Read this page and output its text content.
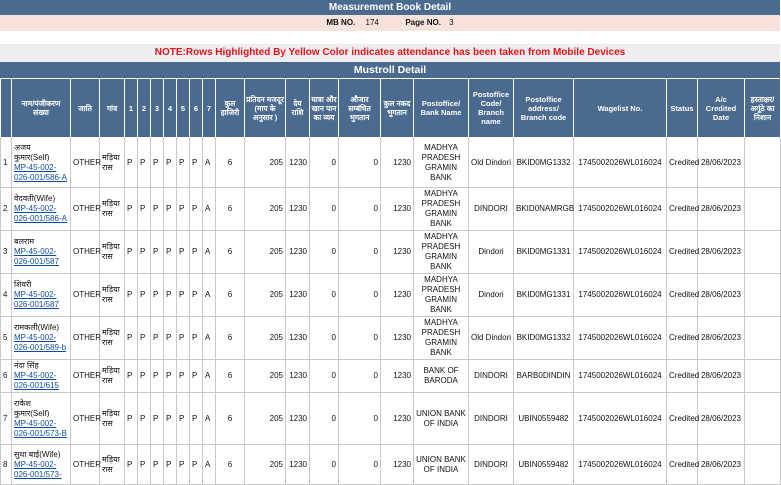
Measurement Book Detail
MB NO. 174	Page NO. 3
NOTE:Rows Highlighted By Yellow Color indicates attendance has been taken from Mobile Devices
Mustroll Detail
	नाम/पंजीकरण संख्या	जाति	गांव	1	2	3	4	5	6	7	कुल हाजिरी	प्रतिदन मजदूर (माप के अनुसार )	देय राशि	यात्रा और खान पान का व्यय	औजार सम्बंधित भुगतान	कुल नकद भुगतान	Postoffice/ Bank Name	Postoffice Code/ Branch name	Postoffice address/ Branch code	Wagelist No.	Status	A/c Credited Date	हस्ताक्षर/अगूंठे का निशान
1	अजय कुमार(Self)
MP-45-002-026-001/586-A	OTHER	मड़िया रास	P	P	P	P	P	P	A	6	205	1230	0	0	1230	MADHYA PRADESH GRAMIN BANK	Old Dindori	BKID0MG1332	1745002026WL016024	Credited	28/06/2023	
2	वेदवती(Wife)
MP-45-002-026-001/586-A	OTHER	मड़िया रास	P	P	P	P	P	P	A	6	205	1230	0	0	1230	MADHYA PRADESH GRAMIN BANK	DINDORI	BKID0NAMRGB	1745002026WL016024	Credited	28/06/2023	
3	बलराम
MP-45-002-026-001/587	OTHER	मड़िया रास	P	P	P	P	P	P	A	6	205	1230	0	0	1230	MADHYA PRADESH GRAMIN BANK	Dindori	BKID0MG1331	1745002026WL016024	Credited	28/06/2023	
4	शिवरी
MP-45-002-026-001/587	OTHER	मड़िया रास	P	P	P	P	P	P	A	6	205	1230	0	0	1230	MADHYA PRADESH GRAMIN BANK	Dindori	BKID0MG1331	1745002026WL016024	Credited	28/06/2023	
5	रामकली(Wife)
MP-45-002-026-001/589-b	OTHER	मड़िया रास	P	P	P	P	P	P	A	6	205	1230	0	0	1230	MADHYA PRADESH GRAMIN BANK	Old Dindori	BKID0MG1332	1745002026WL016024	Credited	28/06/2023	
6	नंदा सिंह
MP-45-002-026-001/615	OTHER	मड़िया रास	P	P	P	P	P	P	A	6	205	1230	0	0	1230	BANK OF BARODA	DINDORI	BARB0DINDIN	1745002026WL016024	Credited	28/06/2023	
7	राकेश कुमार(Self)
MP-45-002-026-001/573-B	OTHER	मड़िया रास	P	P	P	P	P	P	A	6	205	1230	0	0	1230	UNION BANK OF INDIA	DINDORI	UBIN0559482	1745002026WL016024	Credited	28/06/2023	
8	सुधा बाई(Wife)
MP-45-002-026-001/573-	OTHER	मड़िया रास	P	P	P	P	P	P	A	6	205	1230	0	0	1230	UNION BANK OF INDIA	DINDORI	UBIN0559482	1745002026WL016024	Credited	28/06/2023	
